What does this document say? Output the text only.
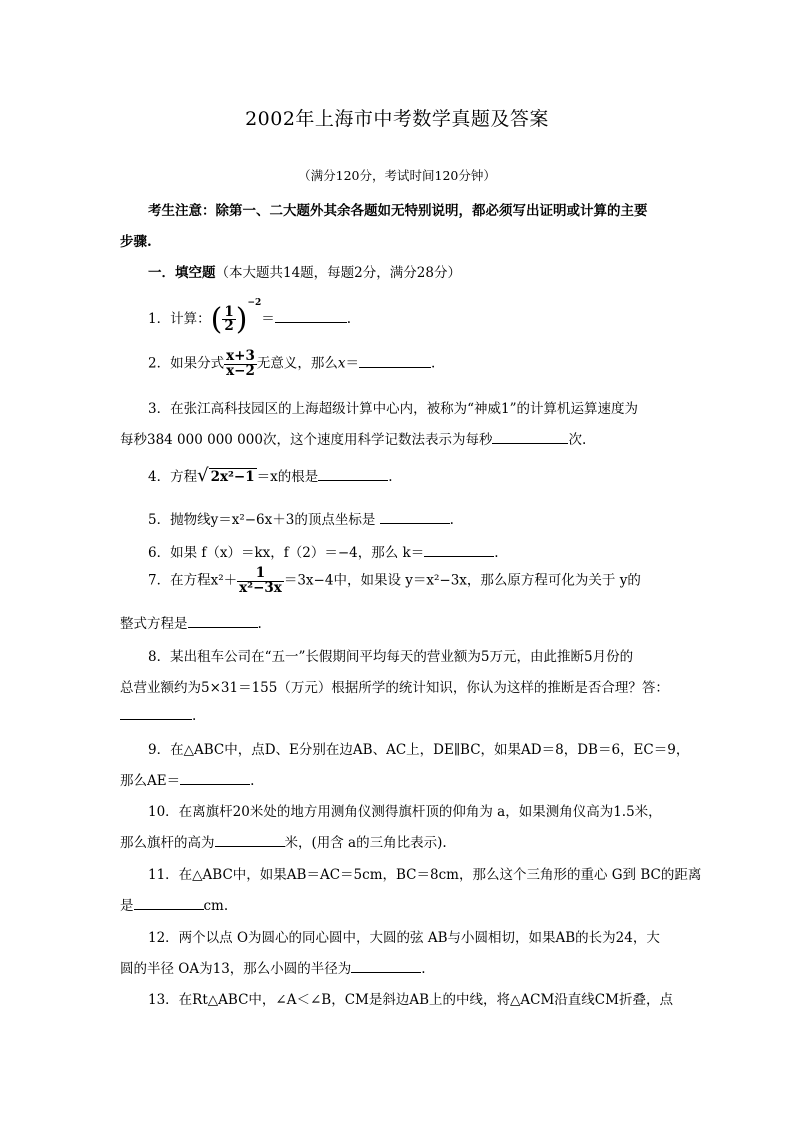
2002年上海市中考数学真题及答案
（满分120分，考试时间120分钟）
考生注意：除第一、二大题外其余各题如无特别说明，都必须写出证明或计算的主要
步骤.
一．填空题（本大题共14题，每题2分，满分28分）
1．计算：( $\frac{1}{2} )^{-2}=$	.
2．如果分式 $\frac{x+3}{x-2}$ 无意义，那么x＝	.
3．在张江高科技园区的上海超级计算中心内，被称为“神威1”的计算机运算速度为
每秒384 000 000 000次，这个速度用科学记数法表示为每秒	次.
4．方程√ 2x²−1 ＝x的根是	.
5．抛物线y＝x²−6x＋3的顶点坐标是	.
6．如果 f（x）＝kx，f（2）＝−4，那么 k＝	.
7．在方程$x^2+ \frac{1}{\text{x²−3x}} =3x-4$中，如果设 y＝x²−3x，那么原方程可化为关于 y的
整式方程是	.
8．某出租车公司在“五一”长假期间平均每天的营业额为5万元，由此推断5月份的
总营业额约为5×31＝155（万元）根据所学的统计知识，你认为这样的推断是否合理？答：
.
9．在△ABC中，点D、E分别在边AB、AC上，DE∥BC，如果AD＝8，DB＝6，EC＝9，
那么AE＝	.
10．在离旗杆20米处的地方用测角仪测得旗杆顶的仰角为 a，如果测角仪高为1.5米，
那么旗杆的高为	米，(用含 a的三角比表示).
11．在△ABC中，如果AB＝AC＝5cm，BC＝8cm，那么这个三角形的重心 G到 BC的距离
是	cm.
12．两个以点 O为圆心的同心圆中，大圆的弦 AB与小圆相切，如果AB的长为24，大
圆的半径 OA为13，那么小圆的半径为	.
13．在Rt△ABC中，∠A＜∠B，CM是斜边AB上的中线，将△ACM沿直线CM折叠，点
